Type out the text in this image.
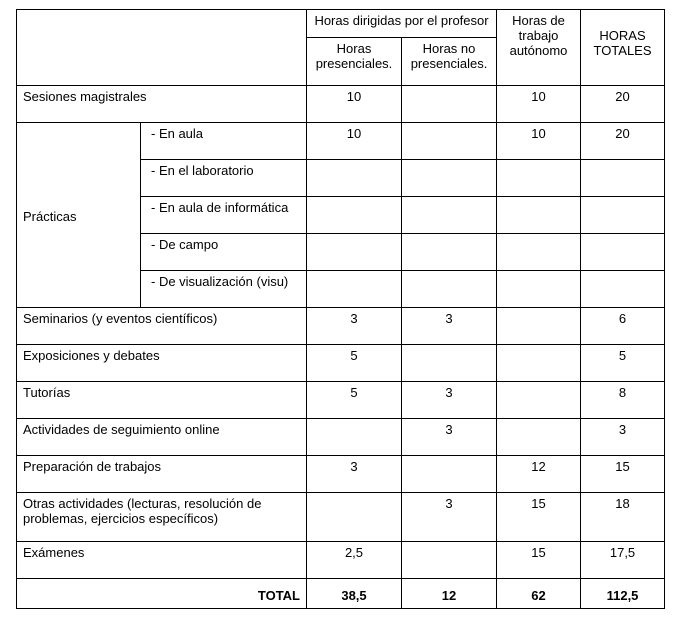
		Horas dirigidas por el profesor		Horas de trabajo autónomo	HORAS TOTALES
		Horas presenciales.	Horas no presenciales.		
Sesiones magistrales		10		10	20
Prácticas	- En aula	10		10	20
	- En el laboratorio				
	- En aula de informática				
	- De campo				
	- De visualización (visu)				
Seminarios (y eventos científicos)		3	3		6
Exposiciones y debates		5			5
Tutorías		5	3		8
Actividades de seguimiento online			3		3
Preparación de trabajos		3		12	15
Otras actividades (lecturas, resolución de problemas, ejercicios específicos)			3	15	18
Exámenes		2,5		15	17,5
TOTAL		38,5	12	62	112,5
